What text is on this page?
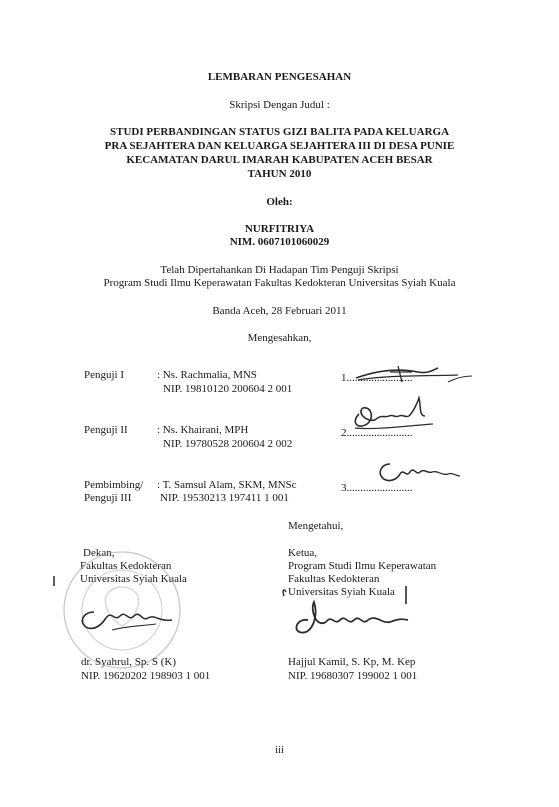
LEMBARAN PENGESAHAN
Skripsi Dengan Judul :
STUDI PERBANDINGAN STATUS GIZI BALITA PADA KELUARGA
PRA SEJAHTERA DAN KELUARGA SEJAHTERA III DI DESA PUNIE
KECAMATAN DARUL IMARAH KABUPATEN ACEH BESAR
TAHUN 2010
Oleh:
NURFITRIYA
NIM. 0607101060029
Telah Dipertahankan Di Hadapan Tim Penguji Skripsi
Program Studi Ilmu Keperawatan Fakultas Kedokteran Universitas Syiah Kuala
Banda Aceh, 28 Februari 2011
Mengesahkan,
Penguji I	: Ns. Rachmalia, MNS
NIP. 19810120 200604 2 001
1........................
Penguji II	: Ns. Khairani, MPH
NIP. 19780528 200604 2 002
2........................
Pembimbing/
Penguji III
: T. Samsul Alam, SKM, MNSc
NIP. 19530213 197411 1 001
3........................
Mengetahui,
Dekan,
Fakultas Kedokteran
Universitas Syiah Kuala
dr. Syahrul, Sp. S (K)
NIP. 19620202 198903 1 001
Ketua,
Program Studi Ilmu Keperawatan
Fakultas Kedokteran
Universitas Syiah Kuala
Hajjul Kamil, S. Kp, M. Kep
NIP. 19680307 199002 1 001
iii
